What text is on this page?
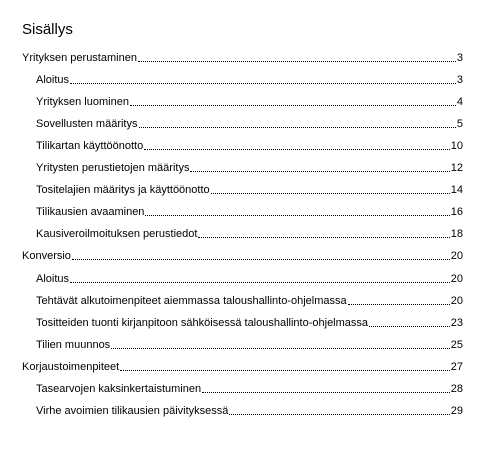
Sisällys
Yrityksen perustaminen	3
Aloitus	3
Yrityksen luominen	4
Sovellusten määritys	5
Tilikartan käyttöönotto	10
Yritysten perustietojen määritys	12
Tositelajien määritys ja käyttöönotto	14
Tilikausien avaaminen	16
Kausiveroilmoituksen perustiedot	18
Konversio	20
Aloitus	20
Tehtävät alkutoimenpiteet aiemmassa taloushallinto-ohjelmassa	20
Tositteiden tuonti kirjanpitoon sähköisessä taloushallinto-ohjelmassa	23
Tilien muunnos	25
Korjaustoimenpiteet	27
Tasearvojen kaksinkertaistuminen	28
Virhe avoimien tilikausien päivityksessä	29
